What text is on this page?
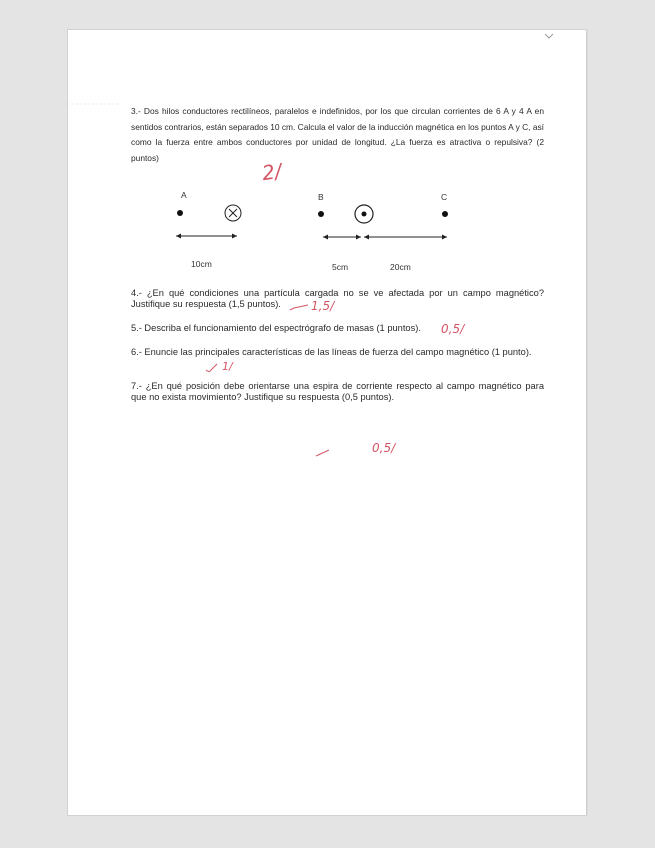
3.- Dos hilos conductores rectilíneos, paralelos e indefinidos, por los que circulan corrientes de 6 A y 4 A en sentidos contrarios, están separados 10 cm. Calcula el valor de la inducción magnética en los puntos A y C, así como la fuerza entre ambos conductores por unidad de longitud. ¿La fuerza es atractiva o repulsiva? (2 puntos)

A	B	C
10cm	5cm	20cm

4.- ¿En qué condiciones una partícula cargada no se ve afectada por un campo magnético? Justifique su respuesta (1,5 puntos).

5.- Describa el funcionamiento del espectrógrafo de masas (1 puntos).

6.- Enuncie las principales características de las líneas de fuerza del campo magnético (1 punto).

7.- ¿En qué posición debe orientarse una espira de corriente respecto al campo magnético para que no exista movimiento? Justifique su respuesta (0,5 puntos).

2/
1,5/
0,5/
1/
0,5/
